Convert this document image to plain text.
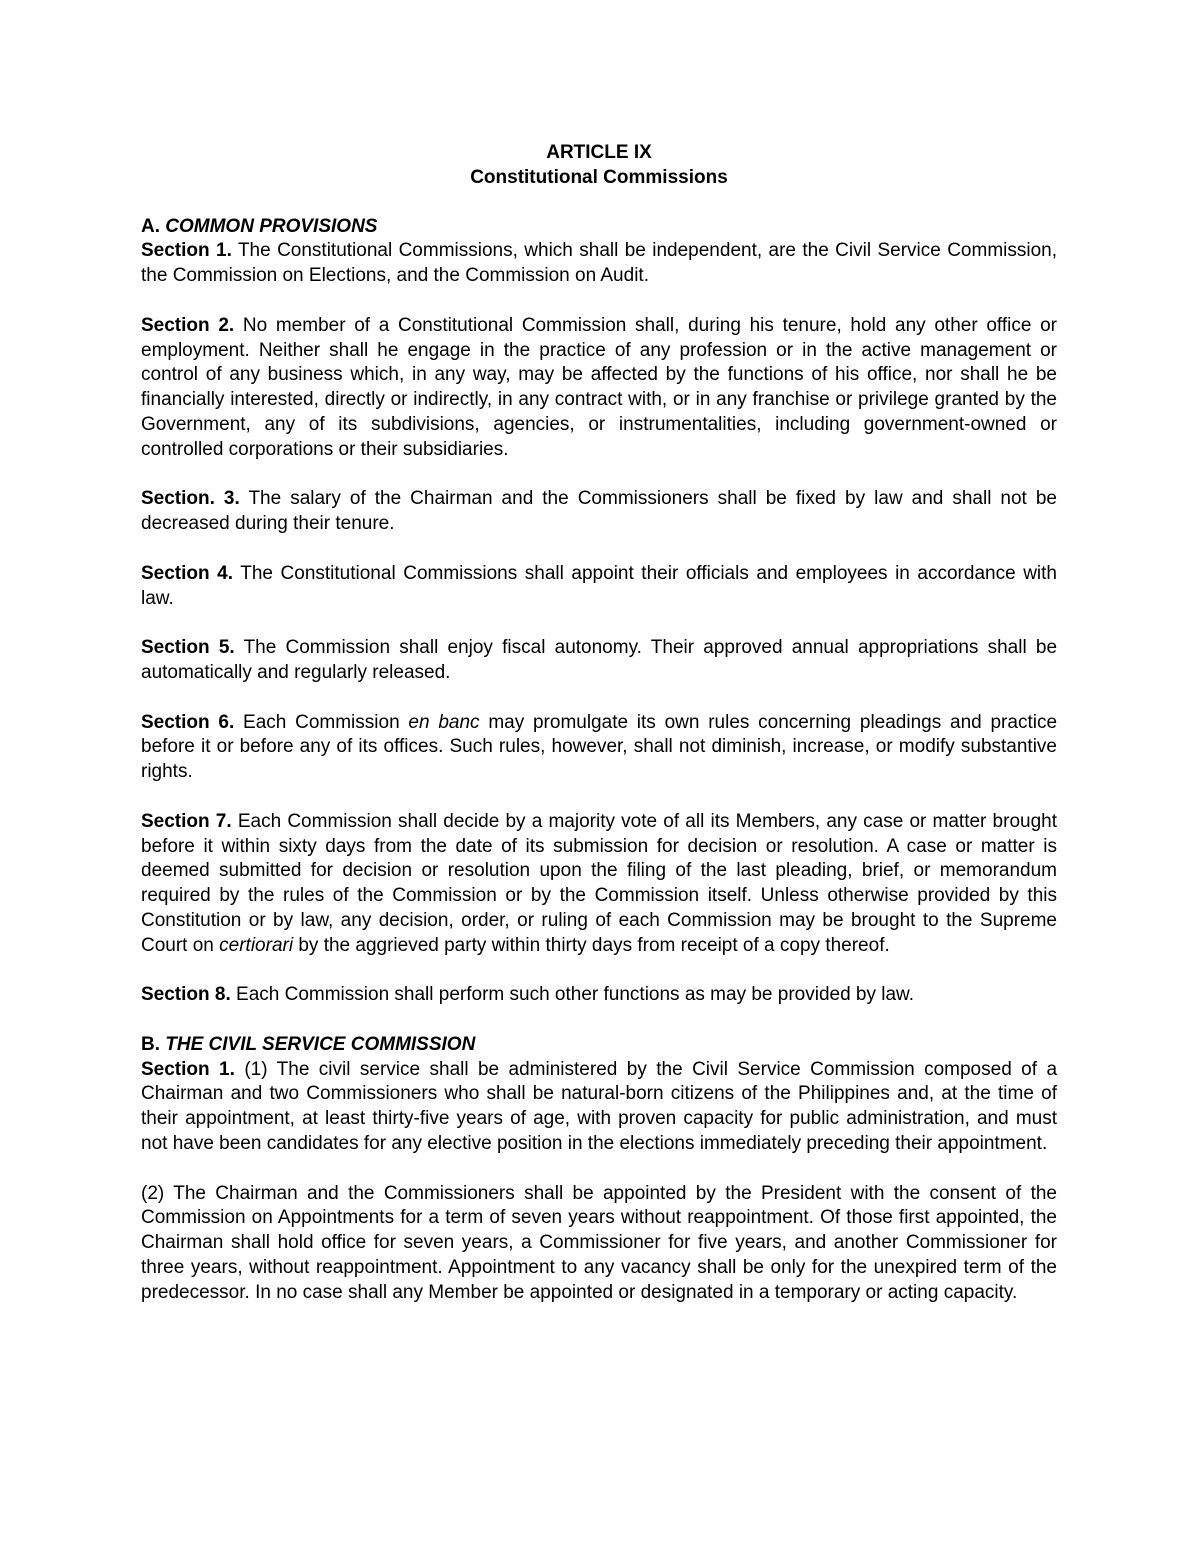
ARTICLE IX
Constitutional Commissions
A. COMMON PROVISIONS

Section 1. The Constitutional Commissions, which shall be independent, are the Civil Service Commission, the Commission on Elections, and the Commission on Audit.

Section 2. No member of a Constitutional Commission shall, during his tenure, hold any other office or employment. Neither shall he engage in the practice of any profession or in the active management or control of any business which, in any way, may be affected by the functions of his office, nor shall he be financially interested, directly or indirectly, in any contract with, or in any franchise or privilege granted by the Government, any of its subdivisions, agencies, or instrumentalities, including government-owned or controlled corporations or their subsidiaries.

Section. 3. The salary of the Chairman and the Commissioners shall be fixed by law and shall not be decreased during their tenure.

Section 4. The Constitutional Commissions shall appoint their officials and employees in accordance with law.

Section 5. The Commission shall enjoy fiscal autonomy. Their approved annual appropriations shall be automatically and regularly released.

Section 6. Each Commission en banc may promulgate its own rules concerning pleadings and practice before it or before any of its offices. Such rules, however, shall not diminish, increase, or modify substantive rights.

Section 7. Each Commission shall decide by a majority vote of all its Members, any case or matter brought before it within sixty days from the date of its submission for decision or resolution. A case or matter is deemed submitted for decision or resolution upon the filing of the last pleading, brief, or memorandum required by the rules of the Commission or by the Commission itself. Unless otherwise provided by this Constitution or by law, any decision, order, or ruling of each Commission may be brought to the Supreme Court on certiorari by the aggrieved party within thirty days from receipt of a copy thereof.

Section 8. Each Commission shall perform such other functions as may be provided by law.

B. THE CIVIL SERVICE COMMISSION

Section 1. (1) The civil service shall be administered by the Civil Service Commission composed of a Chairman and two Commissioners who shall be natural-born citizens of the Philippines and, at the time of their appointment, at least thirty-five years of age, with proven capacity for public administration, and must not have been candidates for any elective position in the elections immediately preceding their appointment.

(2) The Chairman and the Commissioners shall be appointed by the President with the consent of the Commission on Appointments for a term of seven years without reappointment. Of those first appointed, the Chairman shall hold office for seven years, a Commissioner for five years, and another Commissioner for three years, without reappointment. Appointment to any vacancy shall be only for the unexpired term of the predecessor. In no case shall any Member be appointed or designated in a temporary or acting capacity.
